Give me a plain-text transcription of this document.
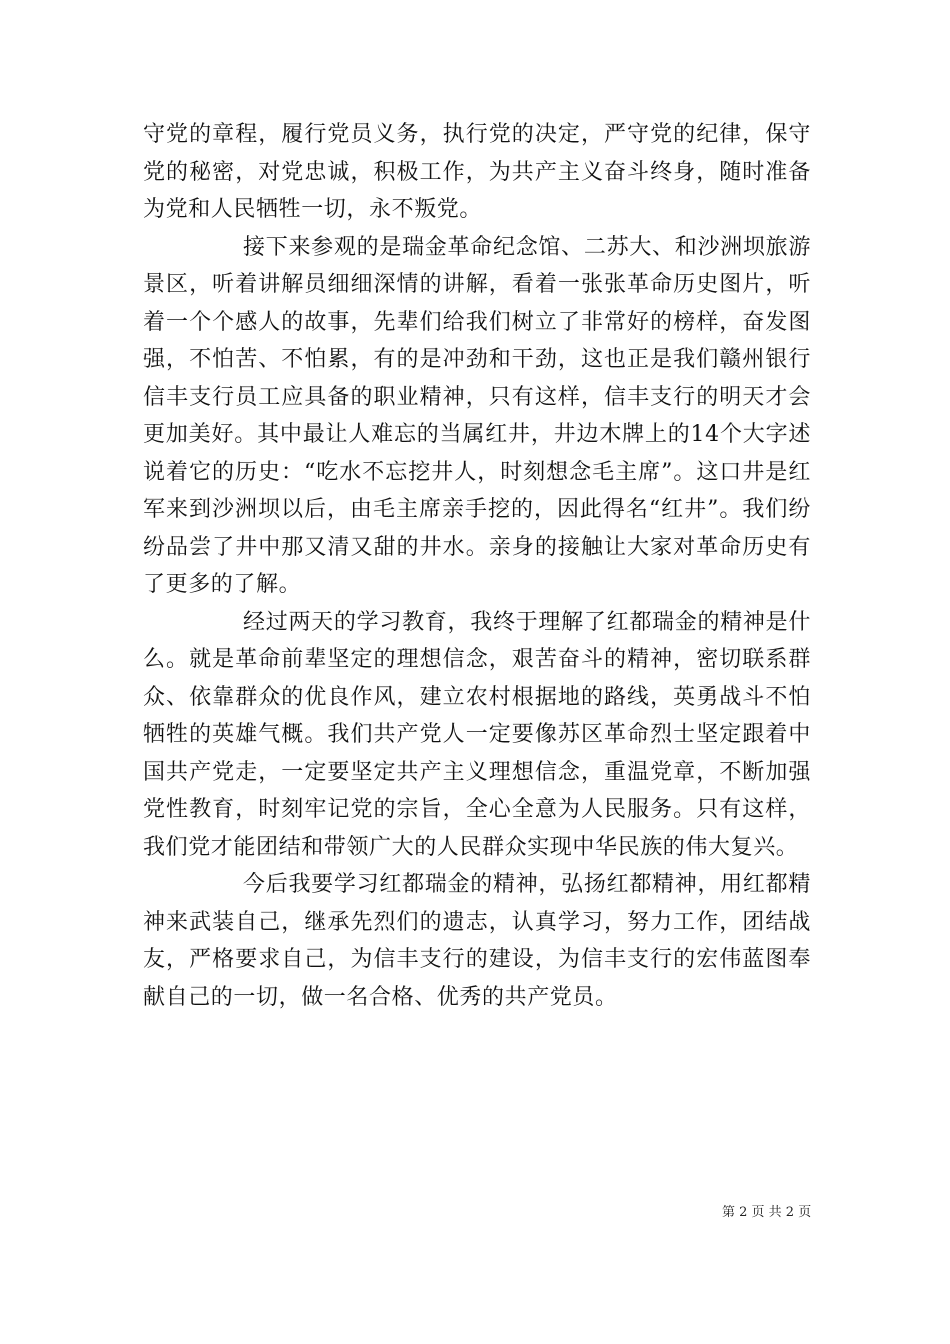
守党的章程，履行党员义务，执行党的决定，严守党的纪律，保守党的秘密，对党忠诚，积极工作，为共产主义奋斗终身，随时准备为党和人民牺牲一切，永不叛党。

接下来参观的是瑞金革命纪念馆、二苏大、和沙洲坝旅游景区，听着讲解员细细深情的讲解，看着一张张革命历史图片，听着一个个感人的故事，先辈们给我们树立了非常好的榜样，奋发图强，不怕苦、不怕累，有的是冲劲和干劲，这也正是我们赣州银行信丰支行员工应具备的职业精神，只有这样，信丰支行的明天才会更加美好。其中最让人难忘的当属红井，井边木牌上的14个大字述说着它的历史：“吃水不忘挖井人，时刻想念毛主席”。这口井是红军来到沙洲坝以后，由毛主席亲手挖的，因此得名“红井”。我们纷纷品尝了井中那又清又甜的井水。亲身的接触让大家对革命历史有了更多的了解。

经过两天的学习教育，我终于理解了红都瑞金的精神是什么。就是革命前辈坚定的理想信念，艰苦奋斗的精神，密切联系群众、依靠群众的优良作风，建立农村根据地的路线，英勇战斗不怕牺牲的英雄气概。我们共产党人一定要像苏区革命烈士坚定跟着中国共产党走，一定要坚定共产主义理想信念，重温党章，不断加强党性教育，时刻牢记党的宗旨，全心全意为人民服务。只有这样，我们党才能团结和带领广大的人民群众实现中华民族的伟大复兴。

今后我要学习红都瑞金的精神，弘扬红都精神，用红都精神来武装自己，继承先烈们的遗志，认真学习，努力工作，团结战友，严格要求自己，为信丰支行的建设，为信丰支行的宏伟蓝图奉献自己的一切，做一名合格、优秀的共产党员。

第 2 页 共 2 页
